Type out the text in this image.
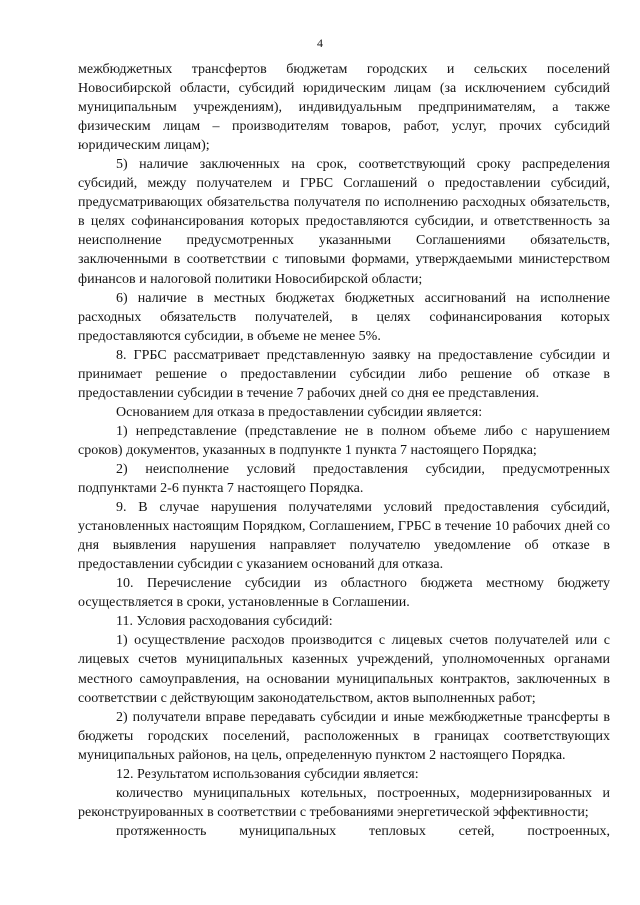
4

межбюджетных трансфертов бюджетам городских и сельских поселений Новосибирской области, субсидий юридическим лицам (за исключением субсидий муниципальным учреждениям), индивидуальным предпринимателям, а также физическим лицам – производителям товаров, работ, услуг, прочих субсидий юридическим лицам);

5) наличие заключенных на срок, соответствующий сроку распределения субсидий, между получателем и ГРБС Соглашений о предоставлении субсидий, предусматривающих обязательства получателя по исполнению расходных обязательств, в целях софинансирования которых предоставляются субсидии, и ответственность за неисполнение предусмотренных указанными Соглашениями обязательств, заключенными в соответствии с типовыми формами, утверждаемыми министерством финансов и налоговой политики Новосибирской области;

6) наличие в местных бюджетах бюджетных ассигнований на исполнение расходных обязательств получателей, в целях софинансирования которых предоставляются субсидии, в объеме не менее 5%.

8. ГРБС рассматривает представленную заявку на предоставление субсидии и принимает решение о предоставлении субсидии либо решение об отказе в предоставлении субсидии в течение 7 рабочих дней со дня ее представления.

Основанием для отказа в предоставлении субсидии является:

1) непредставление (представление не в полном объеме либо с нарушением сроков) документов, указанных в подпункте 1 пункта 7 настоящего Порядка;

2) неисполнение условий предоставления субсидии, предусмотренных подпунктами 2-6 пункта 7 настоящего Порядка.

9. В случае нарушения получателями условий предоставления субсидий, установленных настоящим Порядком, Соглашением, ГРБС в течение 10 рабочих дней со дня выявления нарушения направляет получателю уведомление об отказе в предоставлении субсидии с указанием оснований для отказа.

10. Перечисление субсидии из областного бюджета местному бюджету осуществляется в сроки, установленные в Соглашении.

11. Условия расходования субсидий:

1) осуществление расходов производится с лицевых счетов получателей или с лицевых счетов муниципальных казенных учреждений, уполномоченных органами местного самоуправления, на основании муниципальных контрактов, заключенных в соответствии с действующим законодательством, актов выполненных работ;

2) получатели вправе передавать субсидии и иные межбюджетные трансферты в бюджеты городских поселений, расположенных в границах соответствующих муниципальных районов, на цель, определенную пунктом 2 настоящего Порядка.

12. Результатом использования субсидии является:

количество муниципальных котельных, построенных, модернизированных и реконструированных в соответствии с требованиями энергетической эффективности;

протяженность муниципальных тепловых сетей, построенных,
